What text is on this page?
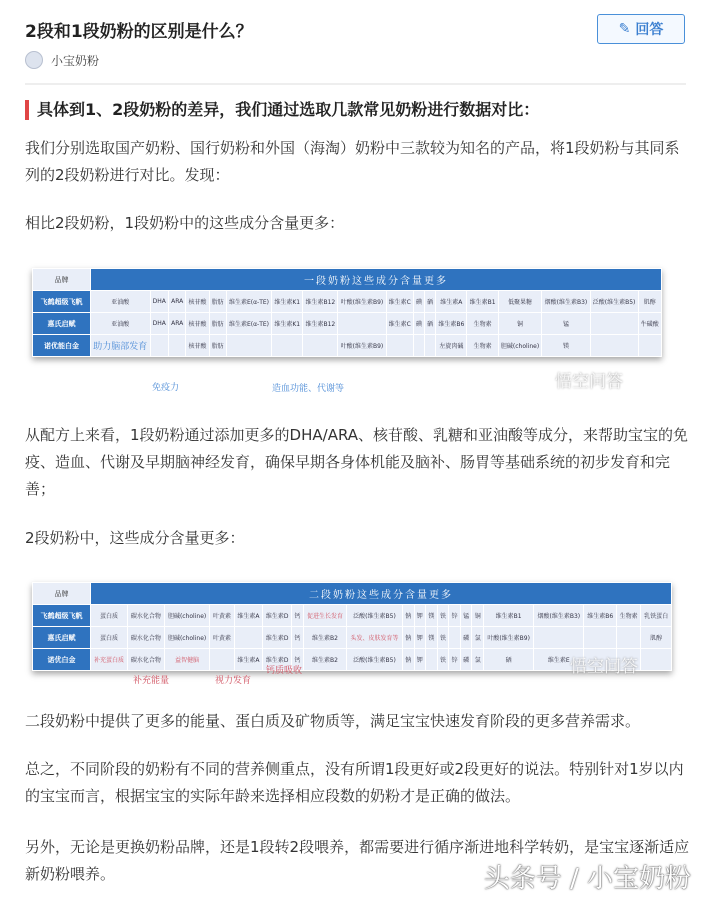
2段和1段奶粉的区别是什么？	✎ 回答
小宝奶粉
具体到1、2段奶粉的差异，我们通过选取几款常见奶粉进行数据对比：

我们分别选取国产奶粉、国行奶粉和外国（海淘）奶粉中三款较为知名的产品，将1段奶粉与其同系列的2段奶粉进行对比。发现：

相比2段奶粉，1段奶粉中的这些成分含量更多：

品牌	一段奶粉这些成分含量更多																	
飞鹤超级飞帆	亚油酸	DHA	ARA	核苷酸	脂肪	维生素E(α-TE)	维生素K1	维生素B12	叶酸(维生素B9)	维生素C	碘	硒	维生素A	维生素B1	低聚果糖	烟酸(维生素B3)	泛酸(维生素B5)	肌醇
惠氏启赋	亚油酸	DHA	ARA	核苷酸	脂肪	维生素E(α-TE)	维生素K1	维生素B12		维生素C	碘	硒	维生素B6	生物素	铜	锰		牛磺酸
诺优能白金	助力脑部发育			核苷酸	脂肪				叶酸(维生素B9)				左旋肉碱	生物素	胆碱(choline)	镁		
免疫力	造血功能、代谢等	悟空问答

从配方上来看，1段奶粉通过添加更多的DHA/ARA、核苷酸、乳糖和亚油酸等成分，来帮助宝宝的免疫、造血、代谢及早期脑神经发育，确保早期各身体机能及脑补、肠胃等基础系统的初步发育和完善；

2段奶粉中，这些成分含量更多：

品牌	二段奶粉这些成分含量更多																				
飞鹤超级飞帆	蛋白质	碳水化合物	胆碱(choline)	叶黄素	维生素A	维生素D	钙	促进生长发育	泛酸(维生素B5)	钠	钾	镁	铁	锌	锰	铜	维生素B1	烟酸(维生素B3)	维生素B6	生物素	乳铁蛋白
惠氏启赋	蛋白质	碳水化合物	胆碱(choline)	叶黄素		维生素D	钙	维生素B2	头发、皮肤发育等	钠	钾	镁	铁		磷	氯	叶酸(维生素B9)				肌醇
诺优白金	补充蛋白质	碳水化合物	益智健脑		维生素A	维生素D	钙	维生素B2	泛酸(维生素B5)	钠	钾		铁	锌	磷	氯	硒	维生素E			
补充能量	视力发育
钙质吸收	悟空问答

二段奶粉中提供了更多的能量、蛋白质及矿物质等，满足宝宝快速发育阶段的更多营养需求。

总之，不同阶段的奶粉有不同的营养侧重点，没有所谓1段更好或2段更好的说法。特别针对1岁以内的宝宝而言，根据宝宝的实际年龄来选择相应段数的奶粉才是正确的做法。

另外，无论是更换奶粉品牌，还是1段转2段喂养，都需要进行循序渐进地科学转奶，是宝宝逐渐适应新奶粉喂养。	头条号 / 小宝奶粉
